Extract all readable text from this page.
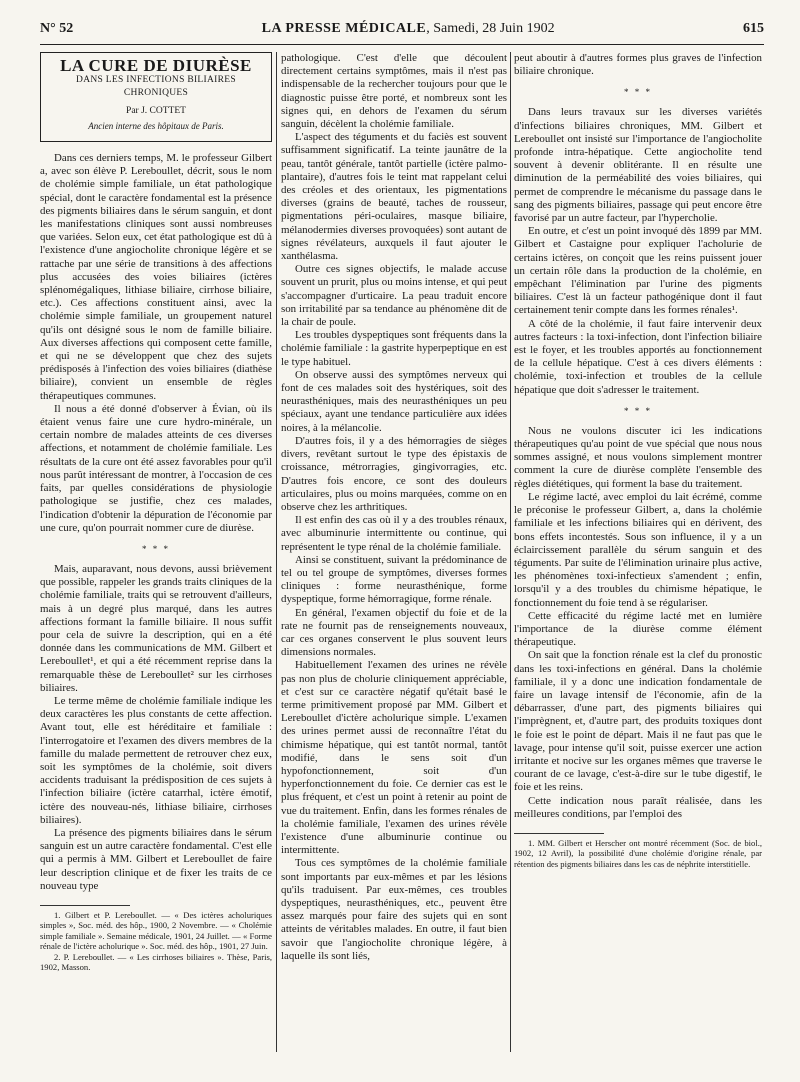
N° 52	LA PRESSE MÉDICALE, Samedi, 28 Juin 1902	615
LA CURE DE DIURÈSE
DANS LES INFECTIONS BILIAIRES CHRONIQUES
Par J. COTTET
Ancien interne des hôpitaux de Paris.

Dans ces derniers temps, M. le professeur Gilbert a, avec son élève P. Lereboullet, décrit, sous le nom de cholémie simple familiale, un état pathologique spécial, dont le caractère fondamental est la présence des pigments biliaires dans le sérum sanguin, et dont les manifestations cliniques sont aussi nombreuses que variées. Selon eux, cet état pathologique est dû à l'existence d'une angiocholite chronique légère et se rattache par une série de transitions à des affections plus accusées des voies biliaires (ictères splénomégaliques, lithiase biliaire, cirrhose biliaire, etc.). Ces affections constituent ainsi, avec la cholémie simple familiale, un groupement naturel qu'ils ont désigné sous le nom de famille biliaire. Aux diverses affections qui composent cette famille, et qui ne se développent que chez des sujets prédisposés à l'infection des voies biliaires (diathèse biliaire), convient un ensemble de règles thérapeutiques communes.

Il nous a été donné d'observer à Évian, où ils étaient venus faire une cure hydro-minérale, un certain nombre de malades atteints de ces diverses affections, et notamment de cholémie familiale. Les résultats de la cure ont été assez favorables pour qu'il nous parût intéressant de montrer, à l'occasion de ces faits, par quelles considérations de physiologie pathologique se justifie, chez ces malades, l'indication d'obtenir la dépuration de l'économie par une cure, qu'on pourrait nommer cure de diurèse.

* * *

Mais, auparavant, nous devons, aussi brièvement que possible, rappeler les grands traits cliniques de la cholémie familiale, traits qui se retrouvent d'ailleurs, mais à un degré plus marqué, dans les autres affections formant la famille biliaire. Il nous suffit pour cela de suivre la description, qui en a été donnée dans les communications de MM. Gilbert et Lereboullet¹, et qui a été récemment reprise dans la remarquable thèse de Lereboullet² sur les cirrhoses biliaires.

Le terme même de cholémie familiale indique les deux caractères les plus constants de cette affection. Avant tout, elle est héréditaire et familiale : l'interrogatoire et l'examen des divers membres de la famille du malade permettent de retrouver chez eux, soit les symptômes de la cholémie, soit divers accidents traduisant la prédisposition de ces sujets à l'infection biliaire (ictère catarrhal, ictère émotif, ictère des nouveau-nés, lithiase biliaire, cirrhoses biliaires).

La présence des pigments biliaires dans le sérum sanguin est un autre caractère fondamental. C'est elle qui a permis à MM. Gilbert et Lereboullet de faire leur description clinique et de fixer les traits de ce nouveau type

1. Gilbert et P. Lereboullet. — « Des ictères acholuriques simples », Soc. méd. des hôp., 1900, 2 Novembre. — « Cholémie simple familiale ». Semaine médicale, 1901, 24 Juillet. — « Forme rénale de l'ictère acholurique ». Soc. méd. des hôp., 1901, 27 Juin.

2. P. Lereboullet. — « Les cirrhoses biliaires ». Thèse, Paris, 1902, Masson.

pathologique. C'est d'elle que découlent directement certains symptômes, mais il n'est pas indispensable de la rechercher toujours pour que le diagnostic puisse être porté, et nombreux sont les signes qui, en dehors de l'examen du sérum sanguin, décèlent la cholémie familiale.

L'aspect des téguments et du faciès est souvent suffisamment significatif. La teinte jaunâtre de la peau, tantôt générale, tantôt partielle (ictère palmo-plantaire), d'autres fois le teint mat rappelant celui des créoles et des orientaux, les pigmentations diverses (grains de beauté, taches de rousseur, pigmentations péri-oculaires, masque biliaire, mélanodermies diverses provoquées) sont autant de signes révélateurs, auxquels il faut ajouter le xanthélasma.

Outre ces signes objectifs, le malade accuse souvent un prurit, plus ou moins intense, et qui peut s'accompagner d'urticaire. La peau traduit encore son irritabilité par sa tendance au phénomène dit de la chair de poule.

Les troubles dyspeptiques sont fréquents dans la cholémie familiale : la gastrite hyperpeptique en est le type habituel.

On observe aussi des symptômes nerveux qui font de ces malades soit des hystériques, soit des neurasthéniques, mais des neurasthéniques un peu spéciaux, ayant une tendance particulière aux idées noires, à la mélancolie.

D'autres fois, il y a des hémorragies de sièges divers, revêtant surtout le type des épistaxis de croissance, métrorragies, gingivorragies, etc. D'autres fois encore, ce sont des douleurs articulaires, plus ou moins marquées, comme on en observe chez les arthritiques.

Il est enfin des cas où il y a des troubles rénaux, avec albuminurie intermittente ou continue, qui représentent le type rénal de la cholémie familiale.

Ainsi se constituent, suivant la prédominance de tel ou tel groupe de symptômes, diverses formes cliniques : forme neurasthénique, forme dyspeptique, forme hémorragique, forme rénale.

En général, l'examen objectif du foie et de la rate ne fournit pas de renseignements nouveaux, car ces organes conservent le plus souvent leurs dimensions normales.

Habituellement l'examen des urines ne révèle pas non plus de cholurie cliniquement appréciable, et c'est sur ce caractère négatif qu'était basé le terme primitivement proposé par MM. Gilbert et Lereboullet d'ictère acholurique simple. L'examen des urines permet aussi de reconnaître l'état du chimisme hépatique, qui est tantôt normal, tantôt modifié, dans le sens soit d'un hypofonctionnement, soit d'un hyperfonctionnement du foie. Ce dernier cas est le plus fréquent, et c'est un point à retenir au point de vue du traitement. Enfin, dans les formes rénales de la cholémie familiale, l'examen des urines révèle l'existence d'une albuminurie continue ou intermittente.

Tous ces symptômes de la cholémie familiale sont importants par eux-mêmes et par les lésions qu'ils traduisent. Par eux-mêmes, ces troubles dyspeptiques, neurasthéniques, etc., peuvent être assez marqués pour faire des sujets qui en sont atteints de véritables malades. En outre, il faut bien savoir que l'angiocholite chronique légère, à laquelle ils sont liés,

peut aboutir à d'autres formes plus graves de l'infection biliaire chronique.

* * *

Dans leurs travaux sur les diverses variétés d'infections biliaires chroniques, MM. Gilbert et Lereboullet ont insisté sur l'importance de l'angiocholite profonde intra-hépatique. Cette angiocholite tend souvent à devenir oblitérante. Il en résulte une diminution de la perméabilité des voies biliaires, qui permet de comprendre le mécanisme du passage dans le sang des pigments biliaires, passage qui peut encore être favorisé par un autre facteur, par l'hypercholie.

En outre, et c'est un point invoqué dès 1899 par MM. Gilbert et Castaigne pour expliquer l'acholurie de certains ictères, on conçoit que les reins puissent jouer un certain rôle dans la production de la cholémie, en empêchant l'élimination par l'urine des pigments biliaires. C'est là un facteur pathogénique dont il faut certainement tenir compte dans les formes rénales¹.

A côté de la cholémie, il faut faire intervenir deux autres facteurs : la toxi-infection, dont l'infection biliaire est le foyer, et les troubles apportés au fonctionnement de la cellule hépatique. C'est à ces divers éléments : cholémie, toxi-infection et troubles de la cellule hépatique que doit s'adresser le traitement.

* * *

Nous ne voulons discuter ici les indications thérapeutiques qu'au point de vue spécial que nous nous sommes assigné, et nous voulons simplement montrer comment la cure de diurèse complète l'ensemble des règles diététiques, qui forment la base du traitement.

Le régime lacté, avec emploi du lait écrémé, comme le préconise le professeur Gilbert, a, dans la cholémie familiale et les infections biliaires qui en dérivent, des bons effets incontestés. Sous son influence, il y a un éclaircissement parallèle du sérum sanguin et des téguments. Par suite de l'élimination urinaire plus active, les phénomènes toxi-infectieux s'amendent ; enfin, lorsqu'il y a des troubles du chimisme hépatique, le fonctionnement du foie tend à se régulariser.

Cette efficacité du régime lacté met en lumière l'importance de la diurèse comme élément thérapeutique.

On sait que la fonction rénale est la clef du pronostic dans les toxi-infections en général. Dans la cholémie familiale, il y a donc une indication fondamentale de faire un lavage intensif de l'économie, afin de la débarrasser, d'une part, des pigments biliaires qui l'imprègnent, et, d'autre part, des produits toxiques dont le foie est le point de départ. Mais il ne faut pas que le lavage, pour intense qu'il soit, puisse exercer une action irritante et nocive sur les organes mêmes que traverse le courant de ce lavage, c'est-à-dire sur le tube digestif, le foie et les reins.

Cette indication nous paraît réalisée, dans les meilleures conditions, par l'emploi des

1. MM. Gilbert et Herscher ont montré récemment (Soc. de biol., 1902, 12 Avril), la possibilité d'une cholémie d'origine rénale, par rétention des pigments biliaires dans les cas de néphrite interstitielle.
